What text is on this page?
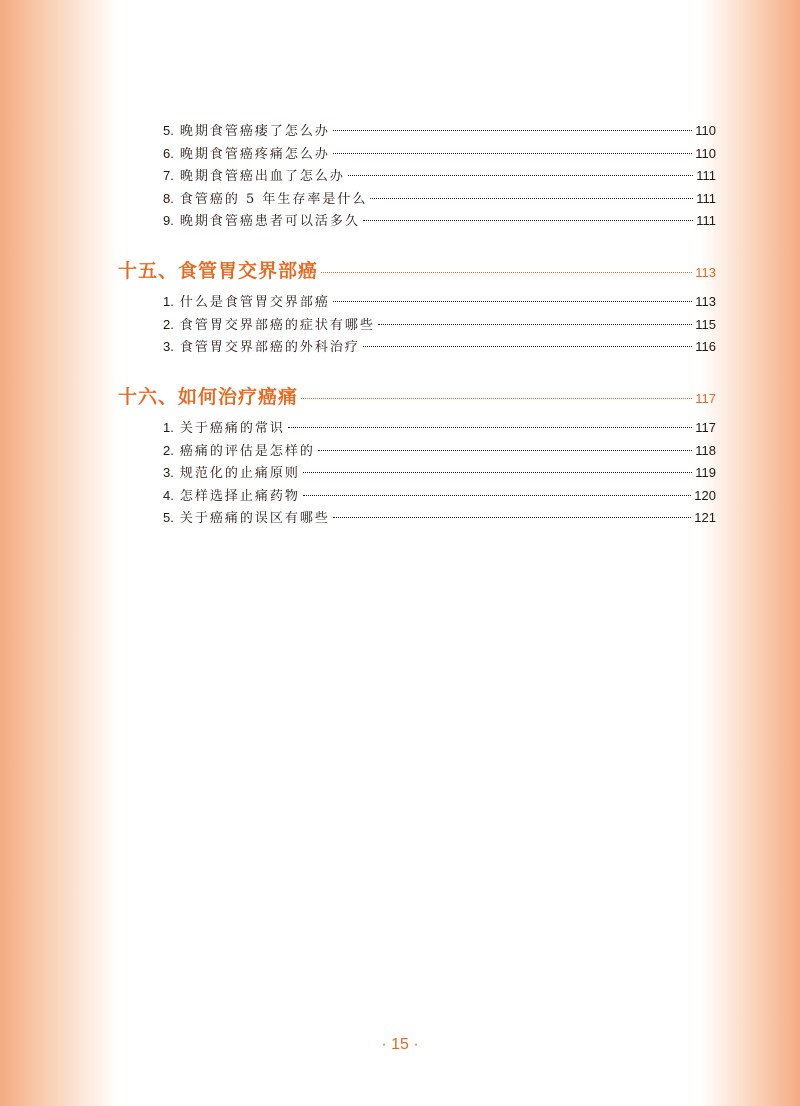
5. 晚期食管癌瘘了怎么办	110
6. 晚期食管癌疼痛怎么办	110
7. 晚期食管癌出血了怎么办	111
8. 食管癌的 5 年生存率是什么	111
9. 晚期食管癌患者可以活多久	111
十五、食管胃交界部癌	113
1. 什么是食管胃交界部癌	113
2. 食管胃交界部癌的症状有哪些	115
3. 食管胃交界部癌的外科治疗	116
十六、如何治疗癌痛	117
1. 关于癌痛的常识	117
2. 癌痛的评估是怎样的	118
3. 规范化的止痛原则	119
4. 怎样选择止痛药物	120
5. 关于癌痛的误区有哪些	121
· 15 ·
